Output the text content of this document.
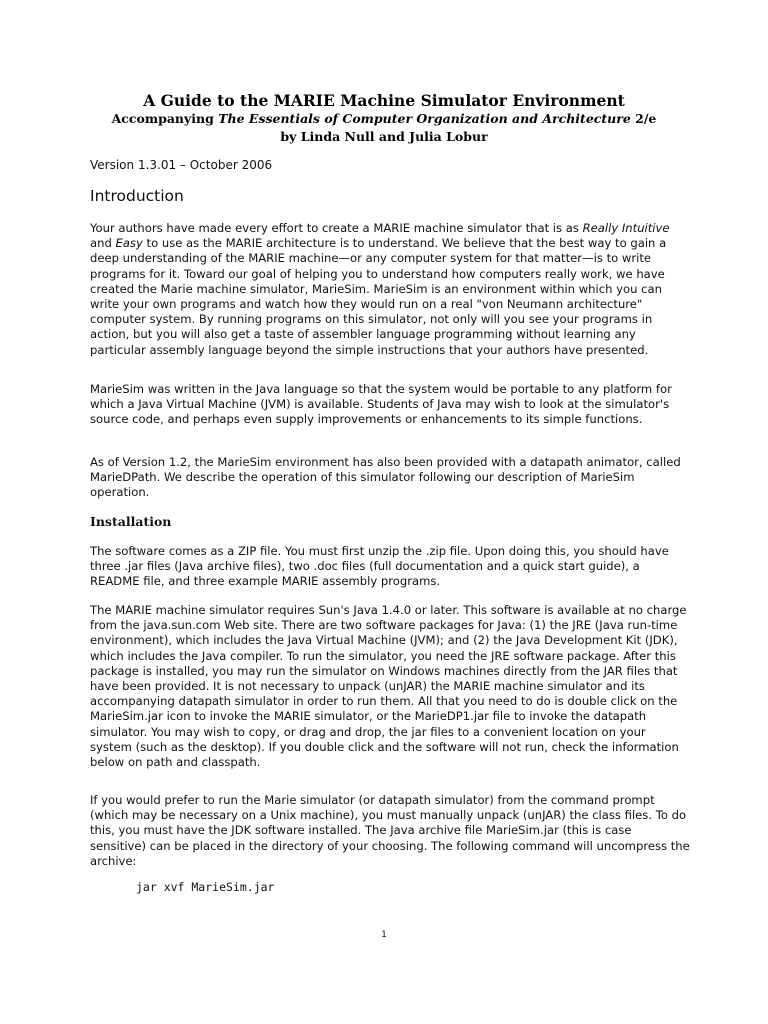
A Guide to the MARIE Machine Simulator Environment
Accompanying The Essentials of Computer Organization and Architecture 2/e
by Linda Null and Julia Lobur
Version 1.3.01 – October 2006
Introduction

Your authors have made every effort to create a MARIE machine simulator that is as Really Intuitive and Easy to use as the MARIE architecture is to understand. We believe that the best way to gain a deep understanding of the MARIE machine—or any computer system for that matter—is to write programs for it. Toward our goal of helping you to understand how computers really work, we have created the Marie machine simulator, MarieSim. MarieSim is an environment within which you can write your own programs and watch how they would run on a real "von Neumann architecture" computer system. By running programs on this simulator, not only will you see your programs in action, but you will also get a taste of assembler language programming without learning any particular assembly language beyond the simple instructions that your authors have presented.

MarieSim was written in the Java language so that the system would be portable to any platform for which a Java Virtual Machine (JVM) is available. Students of Java may wish to look at the simulator's source code, and perhaps even supply improvements or enhancements to its simple functions.

As of Version 1.2, the MarieSim environment has also been provided with a datapath animator, called MarieDPath. We describe the operation of this simulator following our description of MarieSim operation.

Installation

The software comes as a ZIP file. You must first unzip the .zip file. Upon doing this, you should have three .jar files (Java archive files), two .doc files (full documentation and a quick start guide), a README file, and three example MARIE assembly programs.

The MARIE machine simulator requires Sun's Java 1.4.0 or later. This software is available at no charge from the java.sun.com Web site. There are two software packages for Java: (1) the JRE (Java run-time environment), which includes the Java Virtual Machine (JVM); and (2) the Java Development Kit (JDK), which includes the Java compiler. To run the simulator, you need the JRE software package. After this package is installed, you may run the simulator on Windows machines directly from the JAR files that have been provided. It is not necessary to unpack (unJAR) the MARIE machine simulator and its accompanying datapath simulator in order to run them. All that you need to do is double click on the MarieSim.jar icon to invoke the MARIE simulator, or the MarieDP1.jar file to invoke the datapath simulator. You may wish to copy, or drag and drop, the jar files to a convenient location on your system (such as the desktop). If you double click and the software will not run, check the information below on path and classpath.

If you would prefer to run the Marie simulator (or datapath simulator) from the command prompt (which may be necessary on a Unix machine), you must manually unpack (unJAR) the class files. To do this, you must have the JDK software installed. The Java archive file MarieSim.jar (this is case sensitive) can be placed in the directory of your choosing. The following command will uncompress the archive:

jar xvf MarieSim.jar
1
